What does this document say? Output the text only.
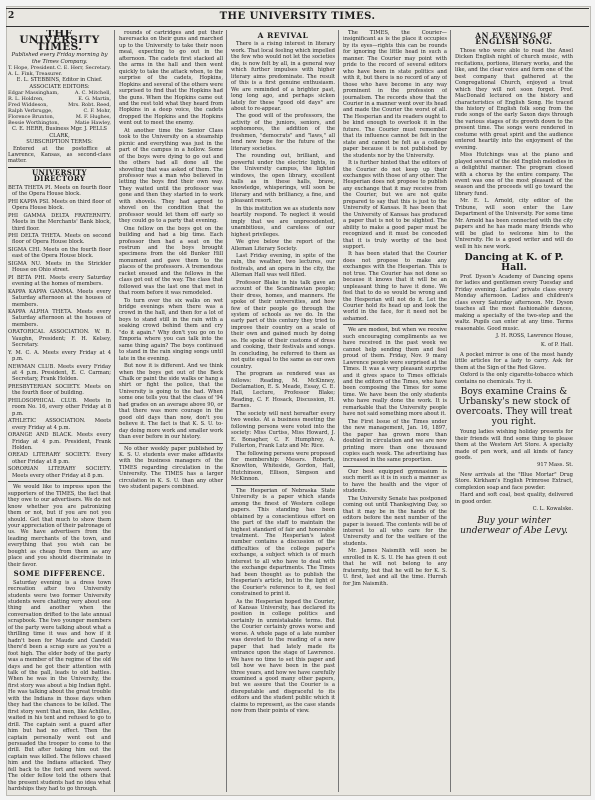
2	THE UNIVERSITY TIMES.
THE UNIVERSITY TIMES.
Published every Friday morning by the Times Company.
T. Hope, President. C. E. Herr, Secretary.
A. L. Fink, Treasurer.
E. L. STEBBINS, Editor in Chief.
ASSOCIATE EDITORS:
Edgar Massingham,	A. C. Mitchell,
R. L. Holdren,	E. G. Martin,
Fred Widdeson,	Mrs. Robt. Reed,
Ralph Verbrugge,	C. F. Mohr,
Florence Brunton,	M. F. Hughes,
Bessie Worthington,	Matie Hawley,
C. E. HERR, Business Mgr. J. PELLS CLARK,
SUBSCRIPTION TERMS:

Entered at the postoffice at Lawrence, Kansas, as second-class matter.

UNIVERSITY DIRECTORY

BETA THETA PI. Meets on fourth floor of the Opera House block.

PHI KAPPA PSI. Meets on third floor of Opera House block.

PHI GAMMA DELTA FRATERNITY. Meets in the Merchants' Bank block, third floor.

PHI DELTA THETA. Meets on second floor of Opera House block.

SIGMA CHI. Meets on the fourth floor east of the Opera House block.

SIGMA NU. Meets in the Strickler House on Ohio street.

PI BETA PHI. Meets every Saturday evening at the homes of members.

KAPPA KAPPA GAMMA. Meets every Saturday afternoon at the houses of members.

KAPPA ALPHA THETA. Meets every Saturday afternoon at the houses of members.

ORATORICAL ASSOCIATION. W. B. Vaughn, President; F. H. Kelsey, Secretary.

Y. M. C. A. Meets every Friday at 4 p.m.

NEWMAN CLUB. Meets every Friday at 4 p.m. President, E. C. Carman; Secretary, Frank Holden.

PRESBYTERIAN SOCIETY. Meets on the fourth floor of building.

PHILOSOPHICAL CLUB. Meets in room No. 16, every other Friday at 8 p.m.

ATHLETIC ASSOCIATION. Meets every Friday at 4 p.m.

ORANGE AND BLACK. Meets every Friday at 4 p.m. President, Frank Holden.

OREAD LITERARY SOCIETY. Every other Friday at 8 p.m.

SORORIAN LITERARY SOCIETY. Meets every other Friday at 8 p.m.

We would like to impress upon the supporters of the TIMES, the fact that they owe to our advertisers. We do not know whether you are patronizing them or not, but if you are not you should. Get that much to show them your appreciation of their patronage of us. We have advertisers from the leading merchants of the town, and everything that you wish can be bought as cheap from them as any place and you should discriminate in their favor.

SOME DIFFERENCE.

Saturday evening is a dress town recreation after two University students were two former University students were chatting very about one thing and another when the conversation drifted to the late annual scrapbook. The two younger members of the party were talking about what a thrilling time it was and how if it hadn't been for Maude and Candell there'd been a scrap sure as you're a foot high. The elder body of the party was a member of the regime of the old days and he got their attention with talk of the pall, leads to old battles. When he was in the University, the first story was about a big Indian fight. He was talking about the great trouble with the Indians in those days when they had the chances to be killed. The first story went that men, like Achilles, waited in his tent and refused to go to drill. The captain sent a guard after him but had no effect. Then the captain personally went out and persuaded the trooper to come to the drill. But after taking him out the captain was killed. The fellows chased him and the Indians attacked. They fell back to the fort and were saved. The older fellow told the others that the present students had no idea what hardships they had to go through.

rounds of cartridges and put their haversacks on their guns and marched up to the University to take their noon meal, expecting to go out in the afternoon. The cadets first stacked all the arms in the hall and then went quickly to take the attack when, to the surprise of the cadets, Hopkins, Hopkins and several of the others were surprised to find that the Hopkins had the guns. When the Hopkins came out and the rest told what they heard from Hopkins in a deep voice, the cadets dropped the Hopkins and the Hopkins went out to meet the enemy.

At another time the Senior Class took to the University on a steamship picnic and everything was just in the part of the campus in a hollow. Some of the boys were dying to go out and the others had all done all the shoveling that was asked of them. The professor was a man who believed in letting the boys find their own way. They waited until the professor was gone and then they started in to work with shovels. They had agreed to shovel on the condition that the professor would let them off early so they could go to a party that evening.

One fellow on the boys got on the building and had a big time. Each professor then had a seat on the rostrum and the boys brought specimens from the old Bunker Hill monument and gave them to the places of the professors. A tremendous racket ensued and the fellows in the class got out of the way. The class that followed was the last one that met in that room before it was remodeled.

To turn over the six walks on wet bridge evenings when there was a crowd in the hall, and then for a lot of boys to stand still in the rain with a soaking crowd behind them and cry "do it again." Why don't you go on to Emporia where you can talk into the same thing again? The boys continued to stand in the rain singing songs until late in the evening.

But now it is different. And we think when the boys get out of the Beck Chalk or paint the side walks or hang a shirt or fight the police, that the University is going to the bad. When some one tells you that the class of '94 had grades on an average above 90, or that there was more courage in the good old days than now, don't you believe it. The fact is that K. S. U. to-day doing more work and smaller work than ever before in our history.

No other weekly paper published by K. S. U. students ever make affidavits with the business managers of the TIMES regarding circulation in the University. The TIMES has a larger circulation in K. S. U. than any other two student papers combined.

A REVIVAL

There is a rising interest in literary work. That local feeling which impelled the few who would not let the societies die, is now felt by all, in a general way which further impulses with higher literary aims predominate. The result of this is a first genuine enthusiasm. We are reminded of a brighter past, long long ago, and perhaps sicken lately for these "good old days" are about to re-appear.

The good will of the professors, the activity of the juniors, seniors, and sophomores, the addition of the freshmen, "democrats" and "laws," all lend new hope for the future of the literary societies.

The rounding out, brilliant, and powerful under the electric lights, in the University campus, the lighted windows, the open library, excellent halls as in these halls, brave, knowledge, whisperings, will soon be literary and with brilliancy, a fine, and pleasant resort.

In this institution we as students now heartily respond. To neglect it would imply that we are unprecedented, unambitious, and careless of our highest privileges.

We give below the report of the Alleman Literary Society.

Last Friday evening, in spite of the rain, the weather, two lectures, our festivals, and an opera in the city, the Alleman Hall was well filled.

Professor Blake in his talk gave an account of the Scandinavian people; their dress, homes, and manners. He spoke of their universities, and how few of their people go through the system of schools as we do. In the early part of this century they tried to improve their country on a scale of their own and gained much by doing so. He spoke of their customs of dress and cooking, their festivals and songs. In concluding, he referred to them as not quite equal to the same as our own country.

The program as rendered was as follows: Reading, M. McKinney, Declamation, E. S. Meade, Essay, C. E. Hall, Lecture, Professor Blake; Reading, C. F. Hosack, Discussion, H. Barnes.

The society will next hereafter every two weeks. At a business meeting the following persons were voted into the society: Miss Curtiss, Miss Howard, J. E. Bonagher, C. F. Humphrey, A. Fullerton, Frank Lutz and Mr. Rice.

The following persons were proposed for membership: Messrs. Roberts, Knowlton, Whiteside, Gordon, Hall, Hutchinson, Ellison, Simpson and McKinnon.

The Hesperian of Nebraska State University is a paper which stands among the finest of Western college papers. This standing has been obtained by a conscientious effort on the part of the staff to maintain the highest standard of fair and honorable treatment. The Hesperian's latest number contains a discussion of the difficulties of the college paper's exchange, a subject which is of much interest to all who have to deal with the exchange departments. The Times had been thought as to publish the Hesperian's article, but in the light of the Courier's reference to it, we feel constrained to print it.

As the Hesperian hoped the Courier, of Kansas University, has declared its position in college politics and certainly in unmistakable terms. But the Courier certainly grows worse and worse. A whole page of a late number was devoted to the reading of a new paper that had lately made its entrance upon the stage of Lawrence. We have no time to set this paper and tell how we have been in the past three years, and how we have carefully examined a good many other papers, but we assure that the Courier is a disreputable and disgraceful to its editors and the student public which it claims to represent, as the case stands now from their points of view.

The TIMES, the Courier—insignificant as is the place it occupies by its eyes—rights this can be rounds for ignoring the little head in such a manner. The Courier may point with pride to the record of several editors who have been in state politics and with it, but there is no record of any of those who have become in any way prominent in the profession of journalism. The records show that the Courier in a manner went over its head and made the Courier the worst of all. The Hesperian and its readers ought to be kind enough to overlook it in the future. The Courier must remember that its influence cannot be felt in the state and cannot be felt as a college paper because it is not published by the students nor by the University.

It is further hinted that the editors of the Courier do not keep up their exchanges with those of any other. The Hesperian does not propose to publish any exchange that it may receive from the Courier, but we are not quite prepared to say that this is just to the University of Kansas. It has been that the University of Kansas has produced a paper that is not to be slighted. The ability to make a good paper must be recognized and it must be conceded that it is truly worthy of the best support.

It has been stated that the Courier does not propose to make any exchanges with the Hesperian. This is not true. The Courier has not done so because it knows that it will be an unpleasant thing to have it done. We feel that to do so would be wrong and the Hesperian will not do it. Let the Courier hold its head up and look the world in the face, for it need not be ashamed.

We are modest, but when we receive such encouraging compliments as we have received in the past week we cannot help sending them and feel proud of them. Friday, Nov. 9 many Lawrence people were surprised at the Times. It was a very pleasant surprise and it gives space to Times officials and the editors of the Times, who have been composing the Times for some time. We have been the only students who have really done the work. It is remarkable that the University people have not said something more about it.

The First Issue of the Times under the new management, Jan. 16, 1897, the paper has grown more than doubled in circulation and we are now printing more than one thousand copies each week. The advertising has increased in the same proportion.

Our best equipped gymnasium is such merit as it is in such a manner as to have the health and the vigor of students.

The University Senate has postponed coming out until Thanksgiving Day, so that it may be in the hands of the editors before the next number of the paper is issued. The contents will be of interest to all who care for the University and for the welfare of the students.

Mr. James Naismith will soon be enrolled in K. S. U. He has given it out that he will not belong to any fraternity, but that he will be for K. S. U. first, last and all the time. Hurrah for Jim Naismith.

AN EVENING OF ENGLISH SONG.

Those who were able to read the Ansel Dicken English night of church music, with recitations, portions, literary works, and the like, and the clear voice and form one of the best company that gathered at the Congregational Church, enjoyed a treat which they will not soon forget. Prof. MacDonald lectured on the history and characteristics of English Song. He traced the history of English folk song from the rude songs of the early Saxon days through the various stages of its growth down to the present time. The songs were rendered in costume with great spirit and the audience entered heartily into the enjoyment of the evening.

Miss Hutchings was at the piano and played several of the old English melodies in a delightful manner. The program closed with a chorus by the entire company. The event was one of the most pleasant of the season and the proceeds will go toward the library fund.

Mr. E. L. Arnold, city editor of the Tribune, will soon enter the Law Department of the University. For some time Mr. Arnold has been connected with the city papers and he has made many friends who will be glad to welcome him to the University. He is a good writer and will do well in his new work.

Dancing at K. of P. Hall.

Prof. Dyson's Academy of Dancing opens for ladies and gentlemen every Tuesday and Friday evening. Ladies' private class every Monday afternoon. Ladies and children's class every Saturday afternoon. Mr. Dyson teaches all the most fashionable dances, making a specialty of the two-step and the waltz. Pupils can enter at any time. Terms reasonable. Good music.

J. H. ROSS, Lawrence House,
K. of P. Hall.

A pocket mirror is one of the most handy little articles for a lady to carry. Ask for them at the Sign of the Red Glove.

Oxford is the only cigarette-tobacco which contains no chemicals. Try it.

Boys examine Crains & Urbansky's new stock of overcoats. They will treat you right.

Young ladies wishing holiday presents for their friends will find some thing to please them at the Western Art Store. A specialty made of pen work, and all kinds of fancy goods.

917 Mass. St.

New arrivals at the "Blue Mortar" Drug Store. Kirkham's English Primrose Extract, complexion soap and face powder.

Hard and soft coal, best quality, delivered in good order.

C. L. Kowalske.
Buy your winter underwear of Abe Levy.
